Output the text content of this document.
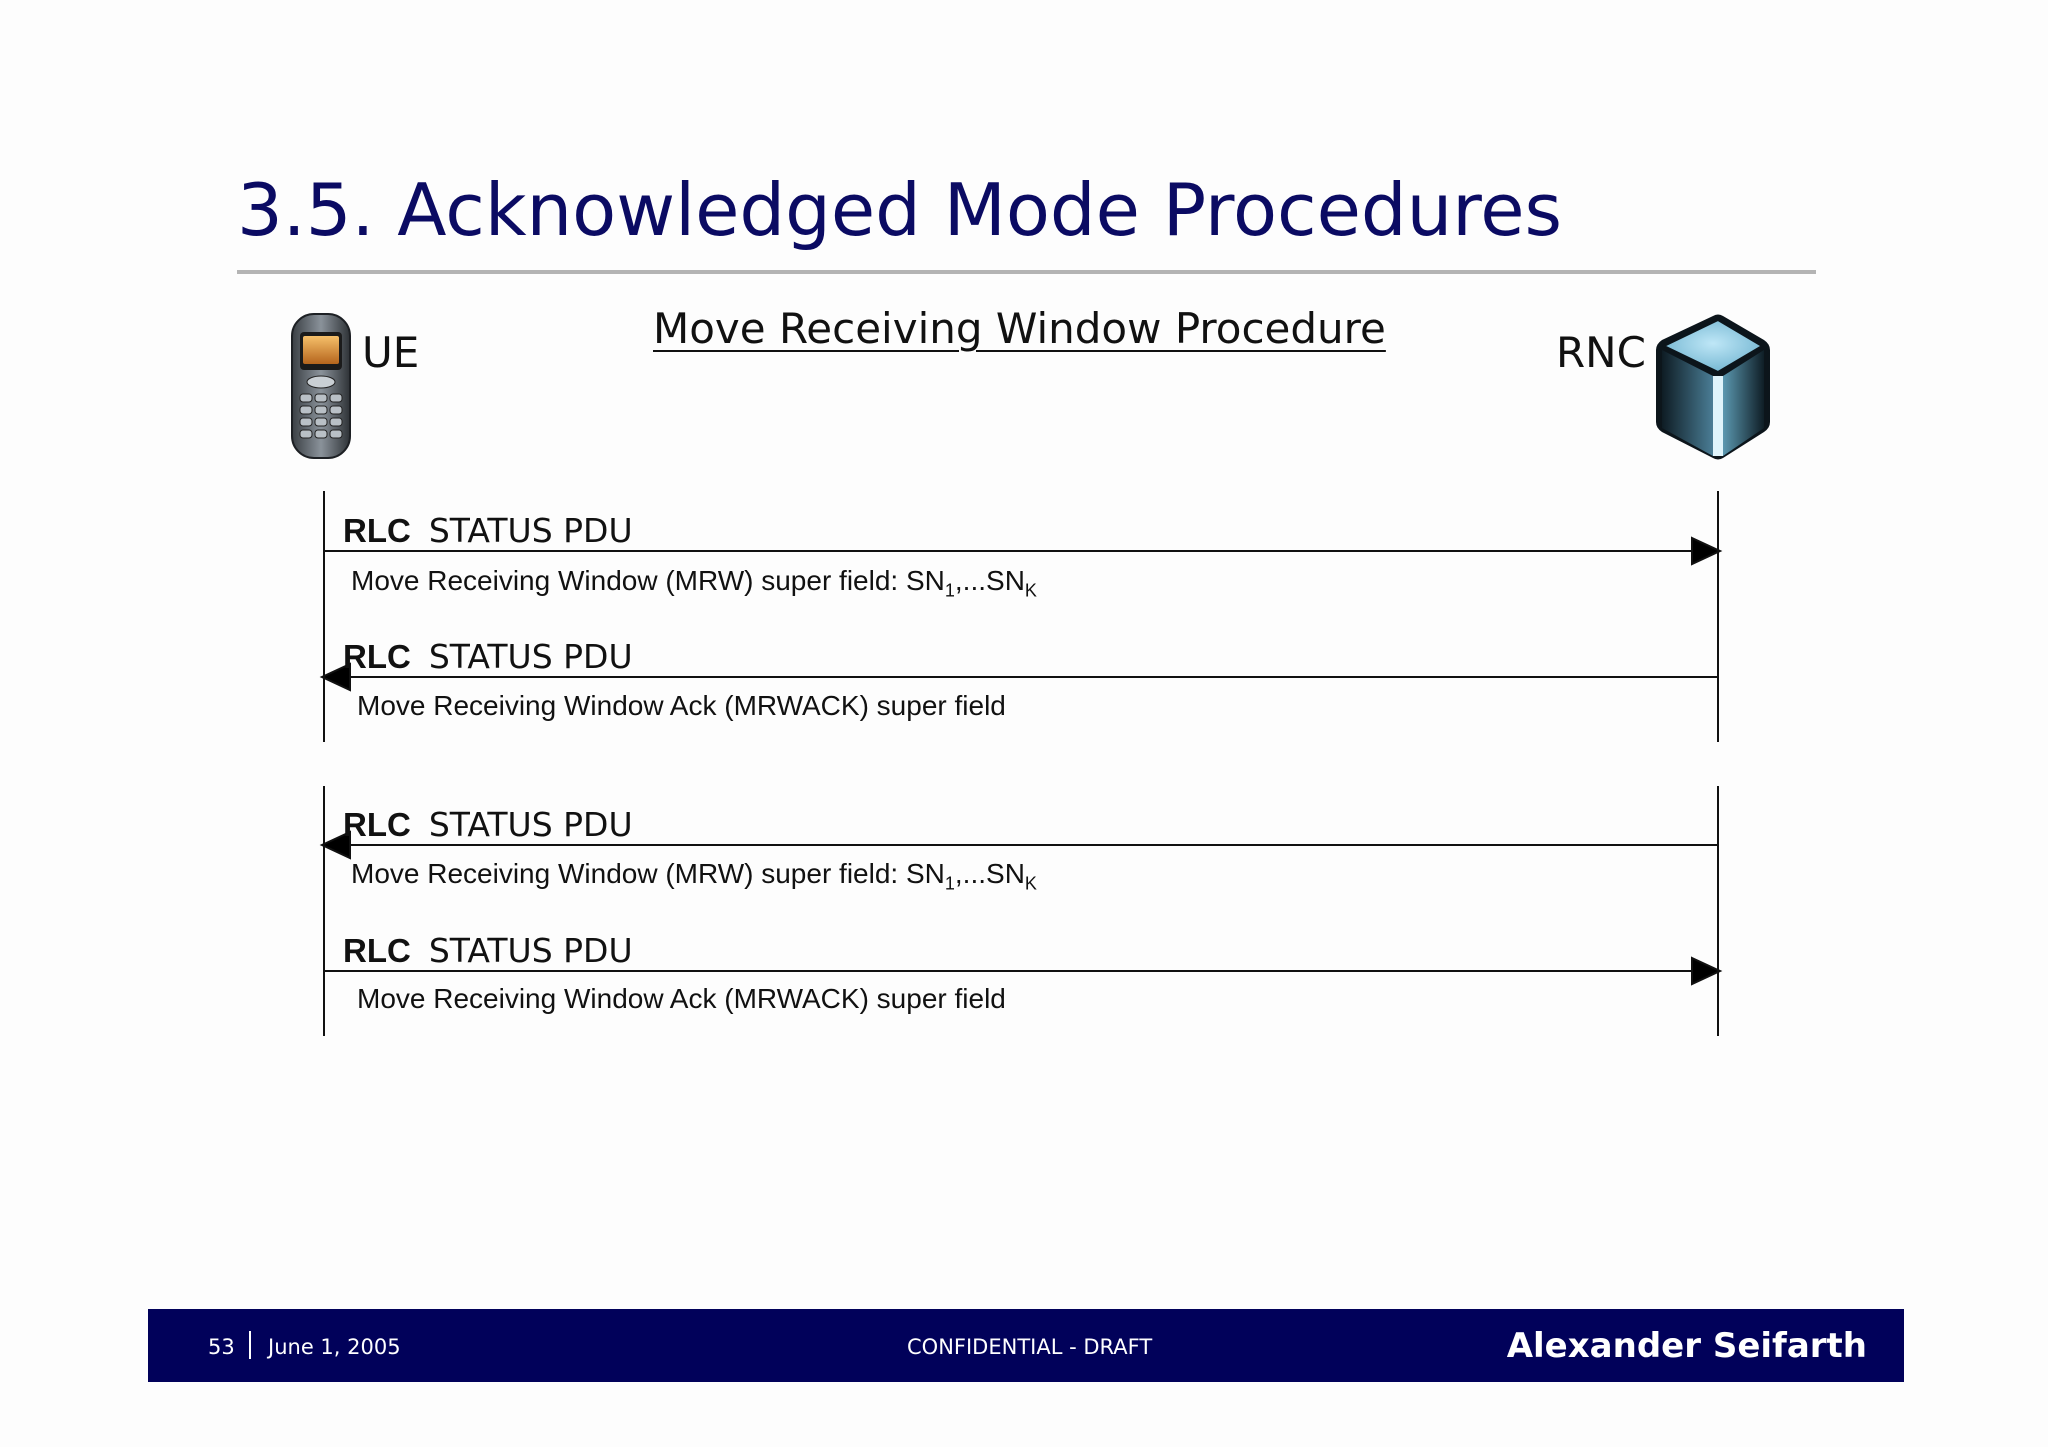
3.5. Acknowledged Mode Procedures
Move Receiving Window Procedure
UE	RNC
RLC STATUS PDU
Move Receiving Window (MRW) super field: $SN_1,...SN_K$
RLC STATUS PDU
Move Receiving Window Ack (MRWACK) super field
RLC STATUS PDU
Move Receiving Window (MRW) super field: $SN_1,...SN_K$
RLC STATUS PDU
Move Receiving Window Ack (MRWACK) super field
53 June 1, 2005	CONFIDENTIAL - DRAFT	Alexander Seifarth
